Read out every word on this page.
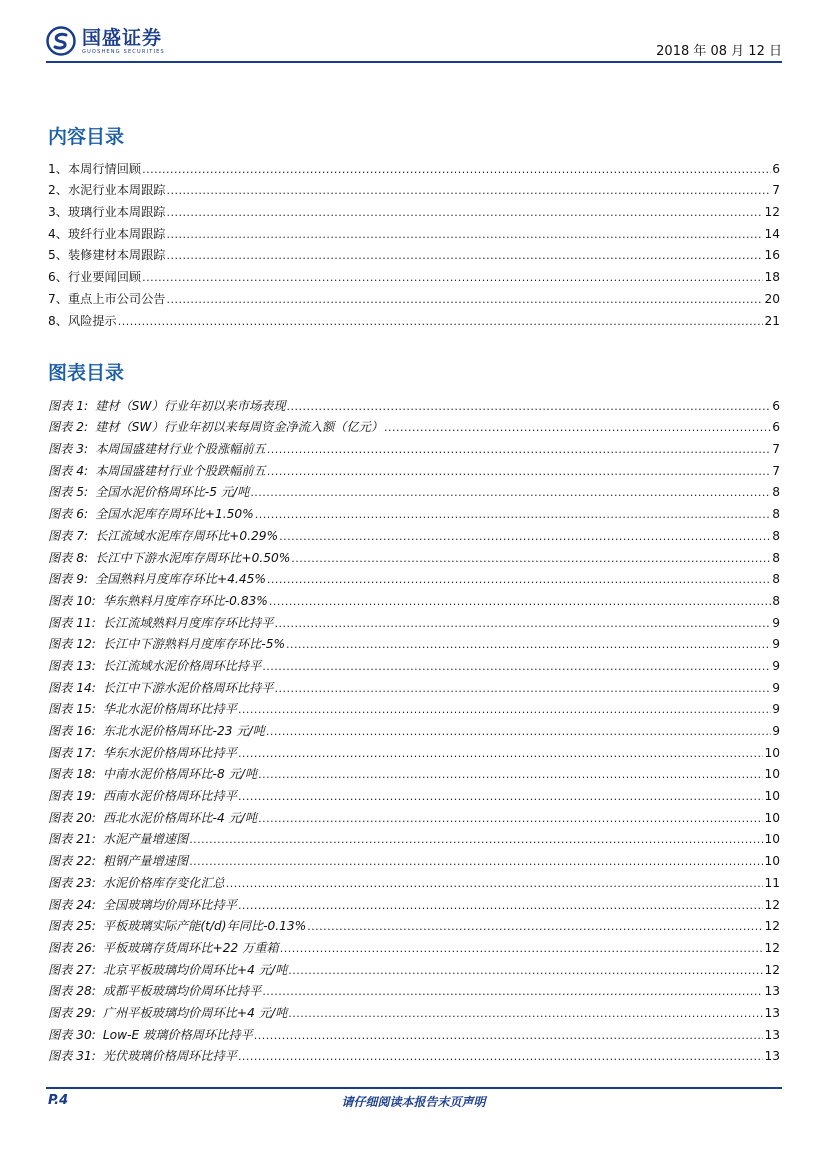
国盛证券
GUOSHENG SECURITIES	2018 年 08 月 12 日
内容目录
1、本周行情回顾 .....	6
2、水泥行业本周跟踪 .....	7
3、玻璃行业本周跟踪 .....	12
4、玻纤行业本周跟踪 .....	14
5、装修建材本周跟踪 .....	16
6、行业要闻回顾 .....	18
7、重点上市公司公告 .....	20
8、风险提示 .....	21
图表目录
图表 1: 建材（SW）行业年初以来市场表现 .....	6
图表 2: 建材（SW）行业年初以来每周资金净流入额（亿元） .....	6
图表 3: 本周国盛建材行业个股涨幅前五 .....	7
图表 4: 本周国盛建材行业个股跌幅前五 .....	7
图表 5: 全国水泥价格周环比-5 元/吨 .....	8
图表 6: 全国水泥库存周环比+1.50% .....	8
图表 7: 长江流域水泥库存周环比+0.29% .....	8
图表 8: 长江中下游水泥库存周环比+0.50% .....	8
图表 9: 全国熟料月度库存环比+4.45% .....	8
图表 10: 华东熟料月度库存环比-0.83% .....	8
图表 11: 长江流域熟料月度库存环比持平 .....	9
图表 12: 长江中下游熟料月度库存环比-5% .....	9
图表 13: 长江流域水泥价格周环比持平 .....	9
图表 14: 长江中下游水泥价格周环比持平 .....	9
图表 15: 华北水泥价格周环比持平 .....	9
图表 16: 东北水泥价格周环比-23 元/吨 .....	9
图表 17: 华东水泥价格周环比持平 .....	10
图表 18: 中南水泥价格周环比-8 元/吨 .....	10
图表 19: 西南水泥价格周环比持平 .....	10
图表 20: 西北水泥价格周环比-4 元/吨 .....	10
图表 21: 水泥产量增速图 .....	10
图表 22: 粗钢产量增速图 .....	10
图表 23: 水泥价格库存变化汇总 .....	11
图表 24: 全国玻璃均价周环比持平 .....	12
图表 25: 平板玻璃实际产能(t/d)年同比-0.13% .....	12
图表 26: 平板玻璃存货周环比+22 万重箱 .....	12
图表 27: 北京平板玻璃均价周环比+4 元/吨 .....	12
图表 28: 成都平板玻璃均价周环比持平 .....	13
图表 29: 广州平板玻璃均价周环比+4 元/吨 .....	13
图表 30: Low-E 玻璃价格周环比持平 .....	13
图表 31: 光伏玻璃价格周环比持平 .....	13
请仔细阅读本报告末页声明
P.4
